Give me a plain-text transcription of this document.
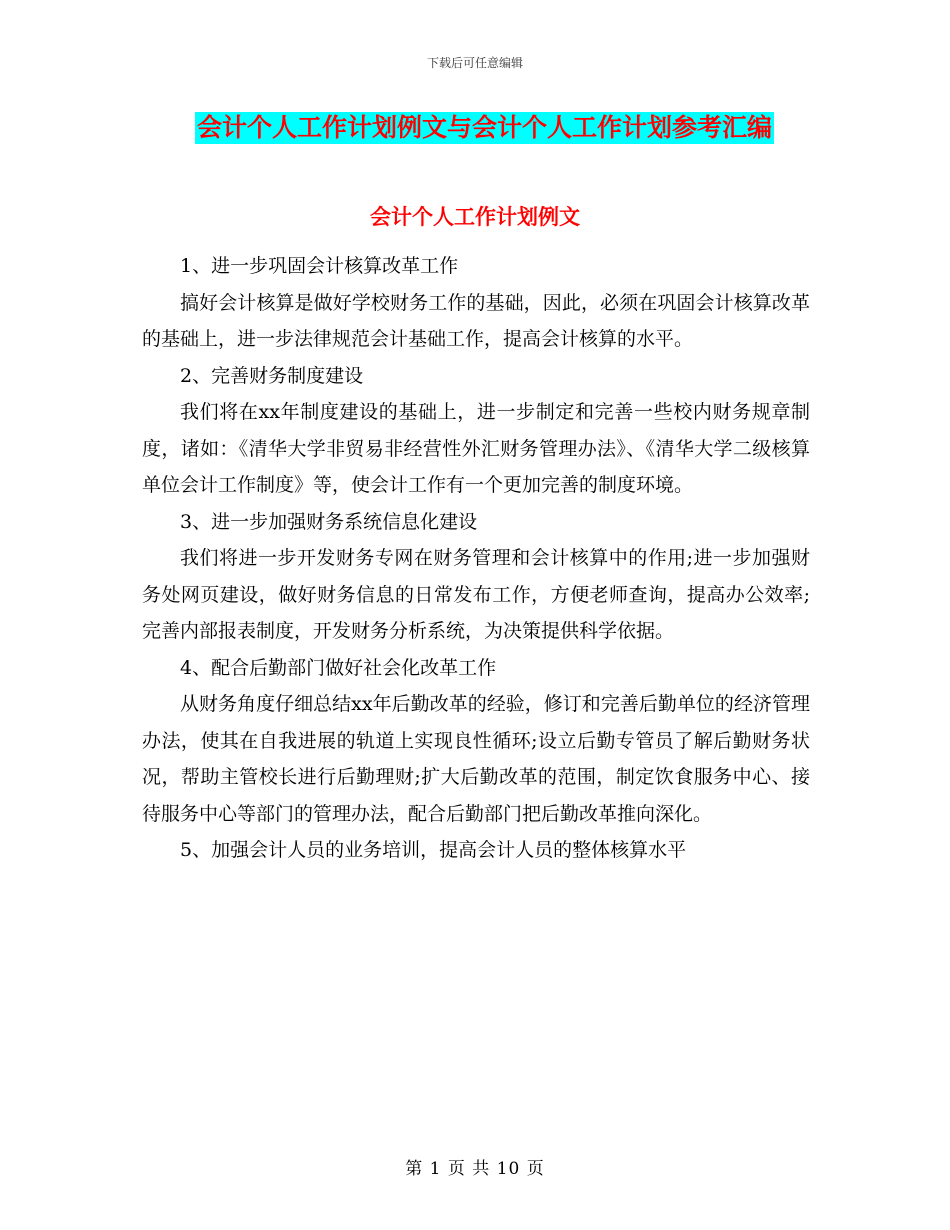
下载后可任意编辑
会计个人工作计划例文与会计个人工作计划参考汇编
会计个人工作计划例文

1、进一步巩固会计核算改革工作

搞好会计核算是做好学校财务工作的基础，因此，必须在巩固会计核算改革的基础上，进一步法律规范会计基础工作，提高会计核算的水平。

2、完善财务制度建设

我们将在xx年制度建设的基础上，进一步制定和完善一些校内财务规章制度，诸如：《清华大学非贸易非经营性外汇财务管理办法》、《清华大学二级核算单位会计工作制度》等，使会计工作有一个更加完善的制度环境。

3、进一步加强财务系统信息化建设

我们将进一步开发财务专网在财务管理和会计核算中的作用;进一步加强财务处网页建设，做好财务信息的日常发布工作，方便老师查询，提高办公效率;完善内部报表制度，开发财务分析系统，为决策提供科学依据。

4、配合后勤部门做好社会化改革工作

从财务角度仔细总结xx年后勤改革的经验，修订和完善后勤单位的经济管理办法，使其在自我进展的轨道上实现良性循环;设立后勤专管员了解后勤财务状况，帮助主管校长进行后勤理财;扩大后勤改革的范围，制定饮食服务中心、接待服务中心等部门的管理办法，配合后勤部门把后勤改革推向深化。

5、加强会计人员的业务培训，提高会计人员的整体核算水平

第 1 页 共 10 页
